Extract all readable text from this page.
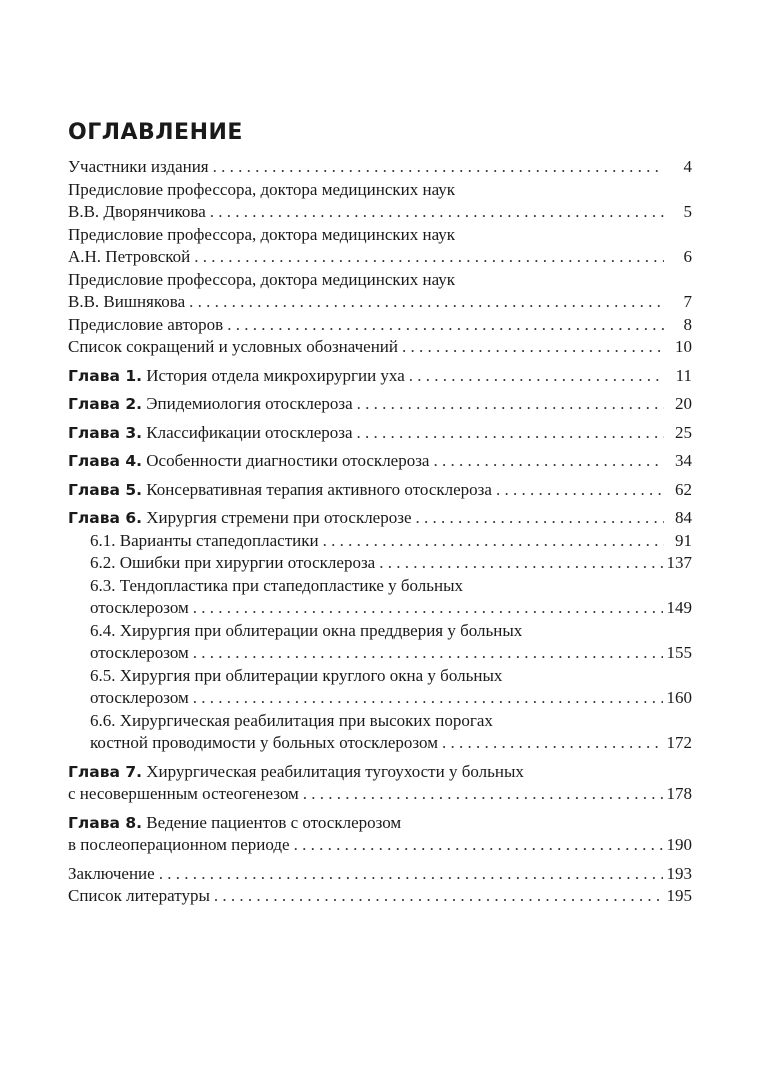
ОГЛАВЛЕНИЕ
Участники издания . . .	4
Предисловие профессора, доктора медицинских наук
В.В. Дворянчикова . . .	5
Предисловие профессора, доктора медицинских наук
А.Н. Петровской . . .	6
Предисловие профессора, доктора медицинских наук
В.В. Вишнякова . . .	7
Предисловие авторов . . .	8
Список сокращений и условных обозначений . . .	10
Глава 1. История отдела микрохирургии уха . . .	11
Глава 2. Эпидемиология отосклероза . . .	20
Глава 3. Классификации отосклероза . . .	25
Глава 4. Особенности диагностики отосклероза . . .	34
Глава 5. Консервативная терапия активного отосклероза . . .	62
Глава 6. Хирургия стремени при отосклерозе . . .	84
6.1. Варианты стапедопластики . . .	91
6.2. Ошибки при хирургии отосклероза . . .	137
6.3. Тендопластика при стапедопластике у больных
отосклерозом . . .	149
6.4. Хирургия при облитерации окна преддверия у больных
отосклерозом . . .	155
6.5. Хирургия при облитерации круглого окна у больных
отосклерозом . . .	160
6.6. Хирургическая реабилитация при высоких порогах
костной проводимости у больных отосклерозом . . .	172
Глава 7. Хирургическая реабилитация тугоухости у больных
с несовершенным остеогенезом . . .	178
Глава 8. Ведение пациентов с отосклерозом
в послеоперационном периоде . . .	190
Заключение . . .	193
Список литературы . . .	195
